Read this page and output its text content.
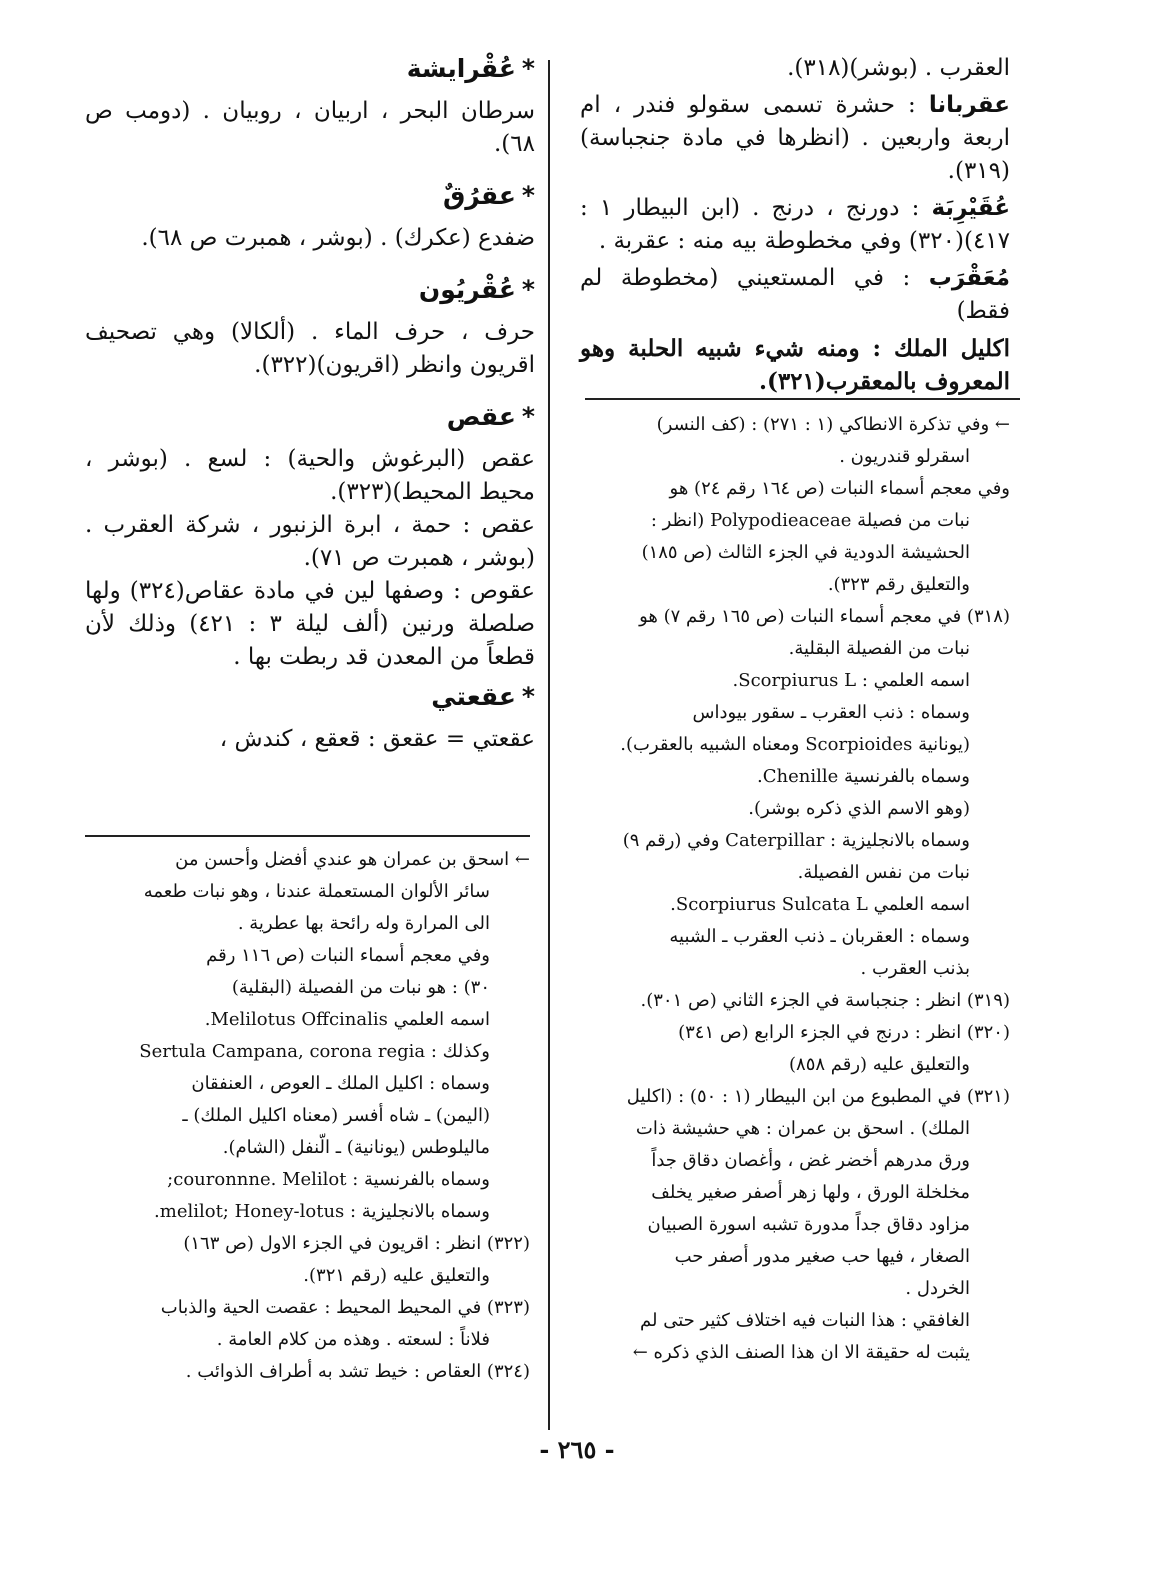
العقرب . (بوشر)(٣١٨).

عقربانا : حشرة تسمى سقولو فندر ، ام اربعة واربعين . (انظرها في مادة جنجباسة)(٣١٩).

عُقَيْرِبَة : دورنج ، درنج . (ابن البيطار ١ : ٤١٧)(٣٢٠) وفي مخطوطة بيه منه : عقربة .

مُعَقْرَب : في المستعيني (مخطوطة لم فقط)

اكليل الملك : ومنه شيء شبيه الحلبة وهو المعروف بالمعقرب(٣٢١).

← وفي تذكرة الانطاكي (١ : ٢٧١) : (كف النسر)

اسقرلو قندريون .

وفي معجم أسماء النبات (ص ١٦٤ رقم ٢٤) هو

نبات من فصيلة Polypodieaceae (انظر :

الحشيشة الدودية في الجزء الثالث (ص ١٨٥)

والتعليق رقم ٣٢٣).

(٣١٨) في معجم أسماء النبات (ص ١٦٥ رقم ٧) هو

نبات من الفصيلة البقلية.

اسمه العلمي : Scorpiurus L.

وسماه : ذنب العقرب ـ سقور بيوداس

(يونانية Scorpioides ومعناه الشبيه بالعقرب).

وسماه بالفرنسية Chenille.

(وهو الاسم الذي ذكره بوشر).

وسماه بالانجليزية : Caterpillar وفي (رقم ٩)

نبات من نفس الفصيلة.

اسمه العلمي Scorpiurus Sulcata L.

وسماه : العقربان ـ ذنب العقرب ـ الشبيه

بذنب العقرب .

(٣١٩) انظر : جنجباسة في الجزء الثاني (ص ٣٠١).

(٣٢٠) انظر : درنج في الجزء الرابع (ص ٣٤١)

والتعليق عليه (رقم ٨٥٨)

(٣٢١) في المطبوع من ابن البيطار (١ : ٥٠) : (اكليل

الملك) . اسحق بن عمران : هي حشيشة ذات

ورق مدرهم أخضر غض ، وأغصان دقاق جداً

مخلخلة الورق ، ولها زهر أصفر صغير يخلف

مزاود دقاق جداً مدورة تشبه اسورة الصبيان

الصغار ، فيها حب صغير مدور أصفر حب

الخردل .

الغافقي : هذا النبات فيه اختلاف كثير حتى لم

يثبت له حقيقة الا ان هذا الصنف الذي ذكره ←

*عُقْرايشة

سرطان البحر ، اربيان ، روبيان . (دومب ص ٦٨).

*عقرُقٌ

ضفدع (عكرك) . (بوشر ، همبرت ص ٦٨).

*عُقْريُون

حرف ، حرف الماء . (ألكالا) وهي تصحيف اقريون وانظر (اقريون)(٣٢٢).

*عقص

عقص (البرغوش والحية) : لسع . (بوشر ، محيط المحيط)(٣٢٣).

عقص : حمة ، ابرة الزنبور ، شركة العقرب . (بوشر ، همبرت ص ٧١).

عقوص : وصفها لين في مادة عقاص(٣٢٤) ولها صلصلة ورنين (ألف ليلة ٣ : ٤٢١) وذلك لأن قطعاً من المعدن قد ربطت بها .

*عقعتي

عقعتي = عقعق : قعقع ، كندش ،

← اسحق بن عمران هو عندي أفضل وأحسن من

سائر الألوان المستعملة عندنا ، وهو نبات طعمه

الى المرارة وله رائحة بها عطرية .

وفي معجم أسماء النبات (ص ١١٦ رقم

٣٠) : هو نبات من الفصيلة (البقلية)

اسمه العلمي Melilotus Offcinalis.

وكذلك : Sertula Campana, corona regia

وسماه : اكليل الملك ـ العوص ، العنفقان

(اليمن) ـ شاه أفسر (معناه اكليل الملك) ـ

ماليلوطس (يونانية) ـ الّنفل (الشام).

وسماه بالفرنسية : couronnne. Melilot;

وسماه بالانجليزية : melilot; Honey-lotus.

(٣٢٢) انظر : اقريون في الجزء الاول (ص ١٦٣)

والتعليق عليه (رقم ٣٢١).

(٣٢٣) في المحيط المحيط : عقصت الحية والذباب

فلاناً : لسعته . وهذه من كلام العامة .

(٣٢٤) العقاص : خيط تشد به أطراف الذوائب .

- ٢٦٥ -
